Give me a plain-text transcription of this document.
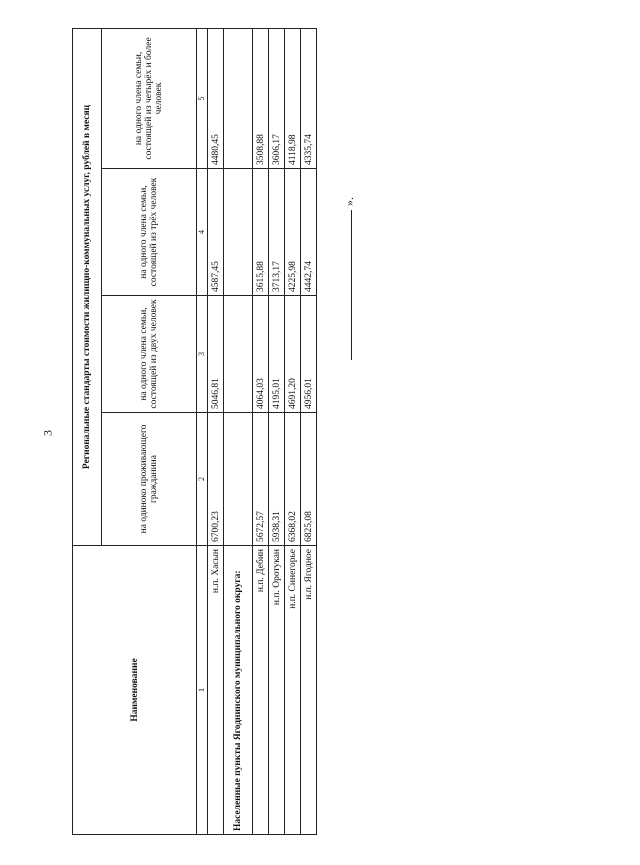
3
Наименование	Региональные стандарты стоимости жилищно-коммунальных услуг, рублей в месяц			
	на одиноко проживающего гражданина	на одного члена семьи, состоящей из двух человек	на одного члена семьи, состоящей из трёх человек	на одного члена семьи, состоящей из четырёх и более человек
1	2	3	4	5
н.п. Хасын	6700,23	5046,81	4587,45	4480,45
Населенные пункты Ягоднинского муниципального округа:				
н.п. Дебин	5672,57	4064,03	3615,88	3508,88
н.п. Оротукан	5938,31	4195,01	3713,17	3606,17
н.п. Синегорье	6368,02	4691,20	4225,98	4118,98
н.п. Ягодное	6825,08	4956,01	4442,74	4335,74
».
